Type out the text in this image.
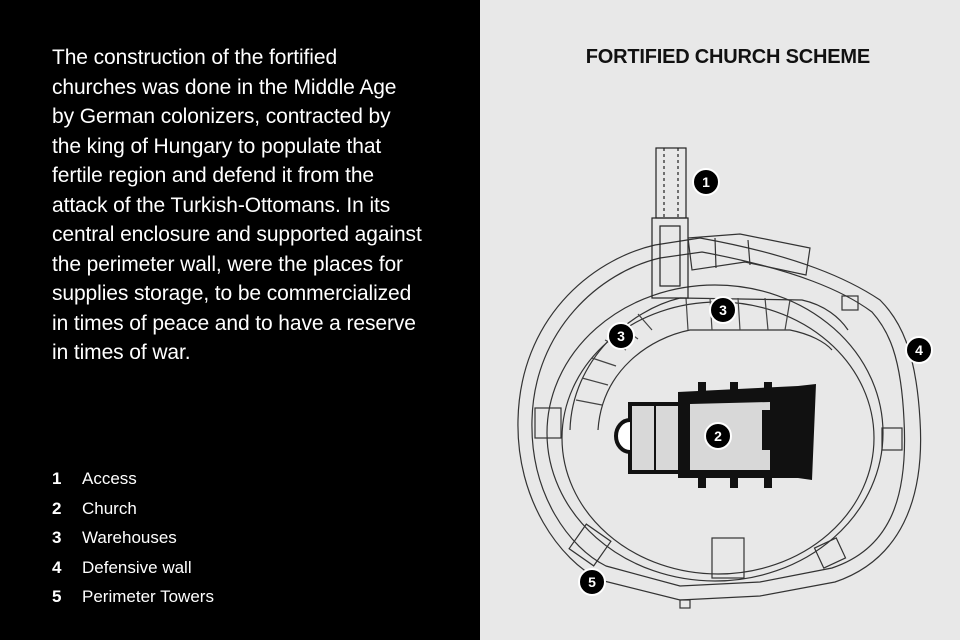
The construction of the fortified churches was done in the Middle Age by German colonizers, contracted by the king of Hungary to populate that fertile region and defend it from the attack of the Turkish-Ottomans. In its central enclosure and supported against the perimeter wall, were the places for supplies storage, to be commercialized in times of peace and to have a reserve in times of war.

1	Access
2	Church
3	Warehouses
4	Defensive wall
5	Perimeter Towers

FORTIFIED CHURCH SCHEME

1
2
3
3
4
5
